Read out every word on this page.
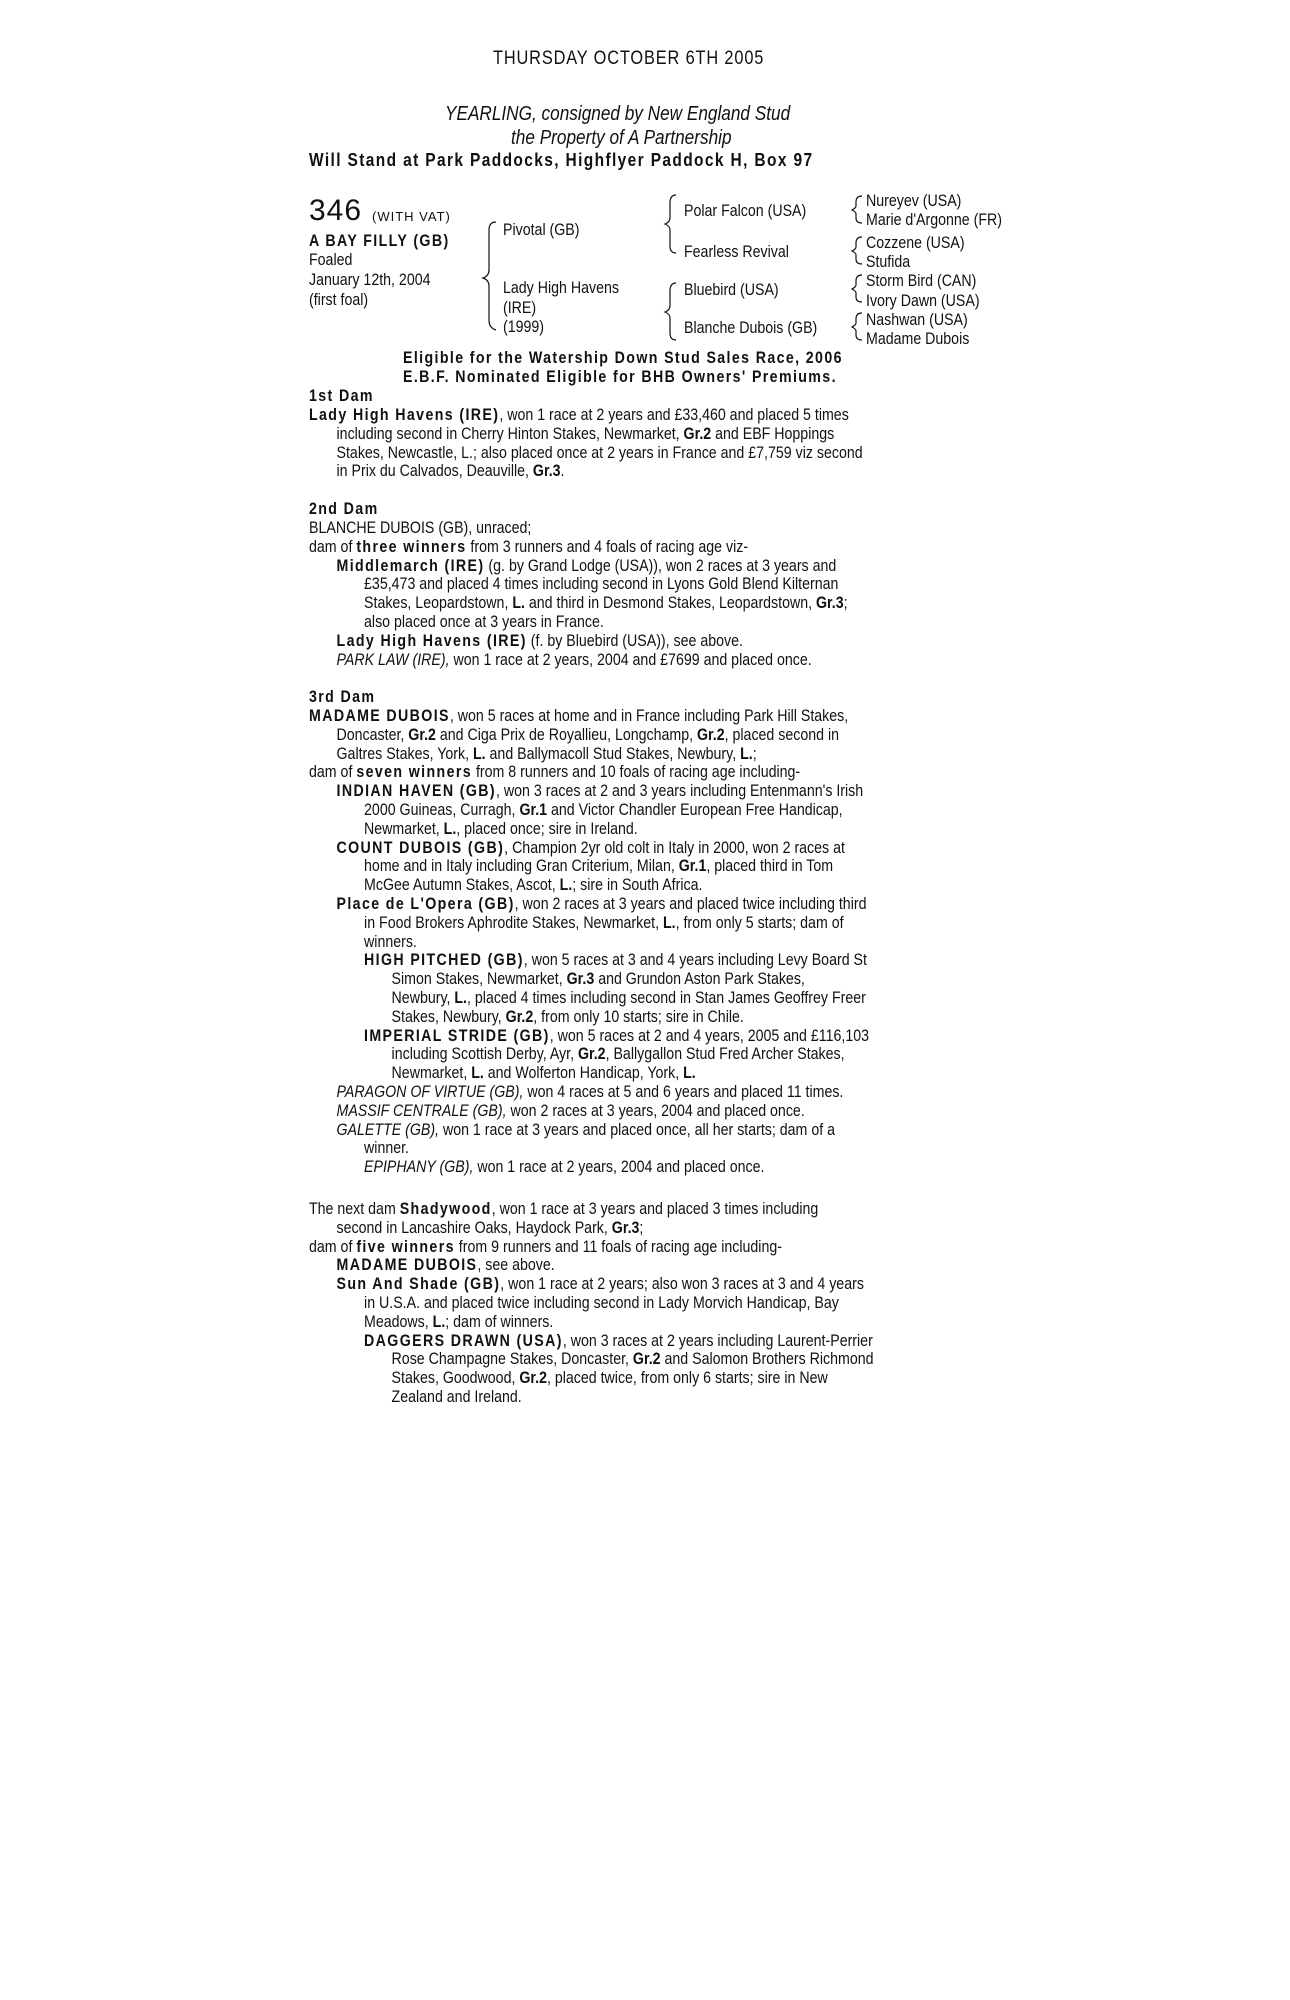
THURSDAY OCTOBER 6TH 2005
YEARLING, consigned by New England Stud
the Property of A Partnership
Will Stand at Park Paddocks, Highflyer Paddock H, Box 97
346 (WITH VAT)
A BAY FILLY (GB)
Foaled
January 12th, 2004
(first foal)
Pivotal (GB)
Lady High Havens
(IRE)
(1999)
Polar Falcon (USA)
Fearless Revival
Bluebird (USA)
Blanche Dubois (GB)
Nureyev (USA)
Marie d'Argonne (FR)
Cozzene (USA)
Stufida
Storm Bird (CAN)
Ivory Dawn (USA)
Nashwan (USA)
Madame Dubois
Eligible for the Watership Down Stud Sales Race, 2006
E.B.F. Nominated Eligible for BHB Owners' Premiums.
1st Dam
Lady High Havens (IRE), won 1 race at 2 years and £33,460 and placed 5 times
including second in Cherry Hinton Stakes, Newmarket, Gr.2 and EBF Hoppings
Stakes, Newcastle, L.; also placed once at 2 years in France and £7,759 viz second
in Prix du Calvados, Deauville, Gr.3.
2nd Dam
BLANCHE DUBOIS (GB), unraced;
dam of three winners from 3 runners and 4 foals of racing age viz-
Middlemarch (IRE) (g. by Grand Lodge (USA)), won 2 races at 3 years and
£35,473 and placed 4 times including second in Lyons Gold Blend Kilternan
Stakes, Leopardstown, L. and third in Desmond Stakes, Leopardstown, Gr.3;
also placed once at 3 years in France.
Lady High Havens (IRE) (f. by Bluebird (USA)), see above.
PARK LAW (IRE), won 1 race at 2 years, 2004 and £7699 and placed once.
3rd Dam
MADAME DUBOIS, won 5 races at home and in France including Park Hill Stakes,
Doncaster, Gr.2 and Ciga Prix de Royallieu, Longchamp, Gr.2, placed second in
Galtres Stakes, York, L. and Ballymacoll Stud Stakes, Newbury, L.;
dam of seven winners from 8 runners and 10 foals of racing age including-
INDIAN HAVEN (GB), won 3 races at 2 and 3 years including Entenmann's Irish
2000 Guineas, Curragh, Gr.1 and Victor Chandler European Free Handicap,
Newmarket, L., placed once; sire in Ireland.
COUNT DUBOIS (GB), Champion 2yr old colt in Italy in 2000, won 2 races at
home and in Italy including Gran Criterium, Milan, Gr.1, placed third in Tom
McGee Autumn Stakes, Ascot, L.; sire in South Africa.
Place de L'Opera (GB), won 2 races at 3 years and placed twice including third
in Food Brokers Aphrodite Stakes, Newmarket, L., from only 5 starts; dam of
winners.
HIGH PITCHED (GB), won 5 races at 3 and 4 years including Levy Board St
Simon Stakes, Newmarket, Gr.3 and Grundon Aston Park Stakes,
Newbury, L., placed 4 times including second in Stan James Geoffrey Freer
Stakes, Newbury, Gr.2, from only 10 starts; sire in Chile.
IMPERIAL STRIDE (GB), won 5 races at 2 and 4 years, 2005 and £116,103
including Scottish Derby, Ayr, Gr.2, Ballygallon Stud Fred Archer Stakes,
Newmarket, L. and Wolferton Handicap, York, L.
PARAGON OF VIRTUE (GB), won 4 races at 5 and 6 years and placed 11 times.
MASSIF CENTRALE (GB), won 2 races at 3 years, 2004 and placed once.
GALETTE (GB), won 1 race at 3 years and placed once, all her starts; dam of a
winner.
EPIPHANY (GB), won 1 race at 2 years, 2004 and placed once.
The next dam Shadywood, won 1 race at 3 years and placed 3 times including
second in Lancashire Oaks, Haydock Park, Gr.3;
dam of five winners from 9 runners and 11 foals of racing age including-
MADAME DUBOIS, see above.
Sun And Shade (GB), won 1 race at 2 years; also won 3 races at 3 and 4 years
in U.S.A. and placed twice including second in Lady Morvich Handicap, Bay
Meadows, L.; dam of winners.
DAGGERS DRAWN (USA), won 3 races at 2 years including Laurent-Perrier
Rose Champagne Stakes, Doncaster, Gr.2 and Salomon Brothers Richmond
Stakes, Goodwood, Gr.2, placed twice, from only 6 starts; sire in New
Zealand and Ireland.
